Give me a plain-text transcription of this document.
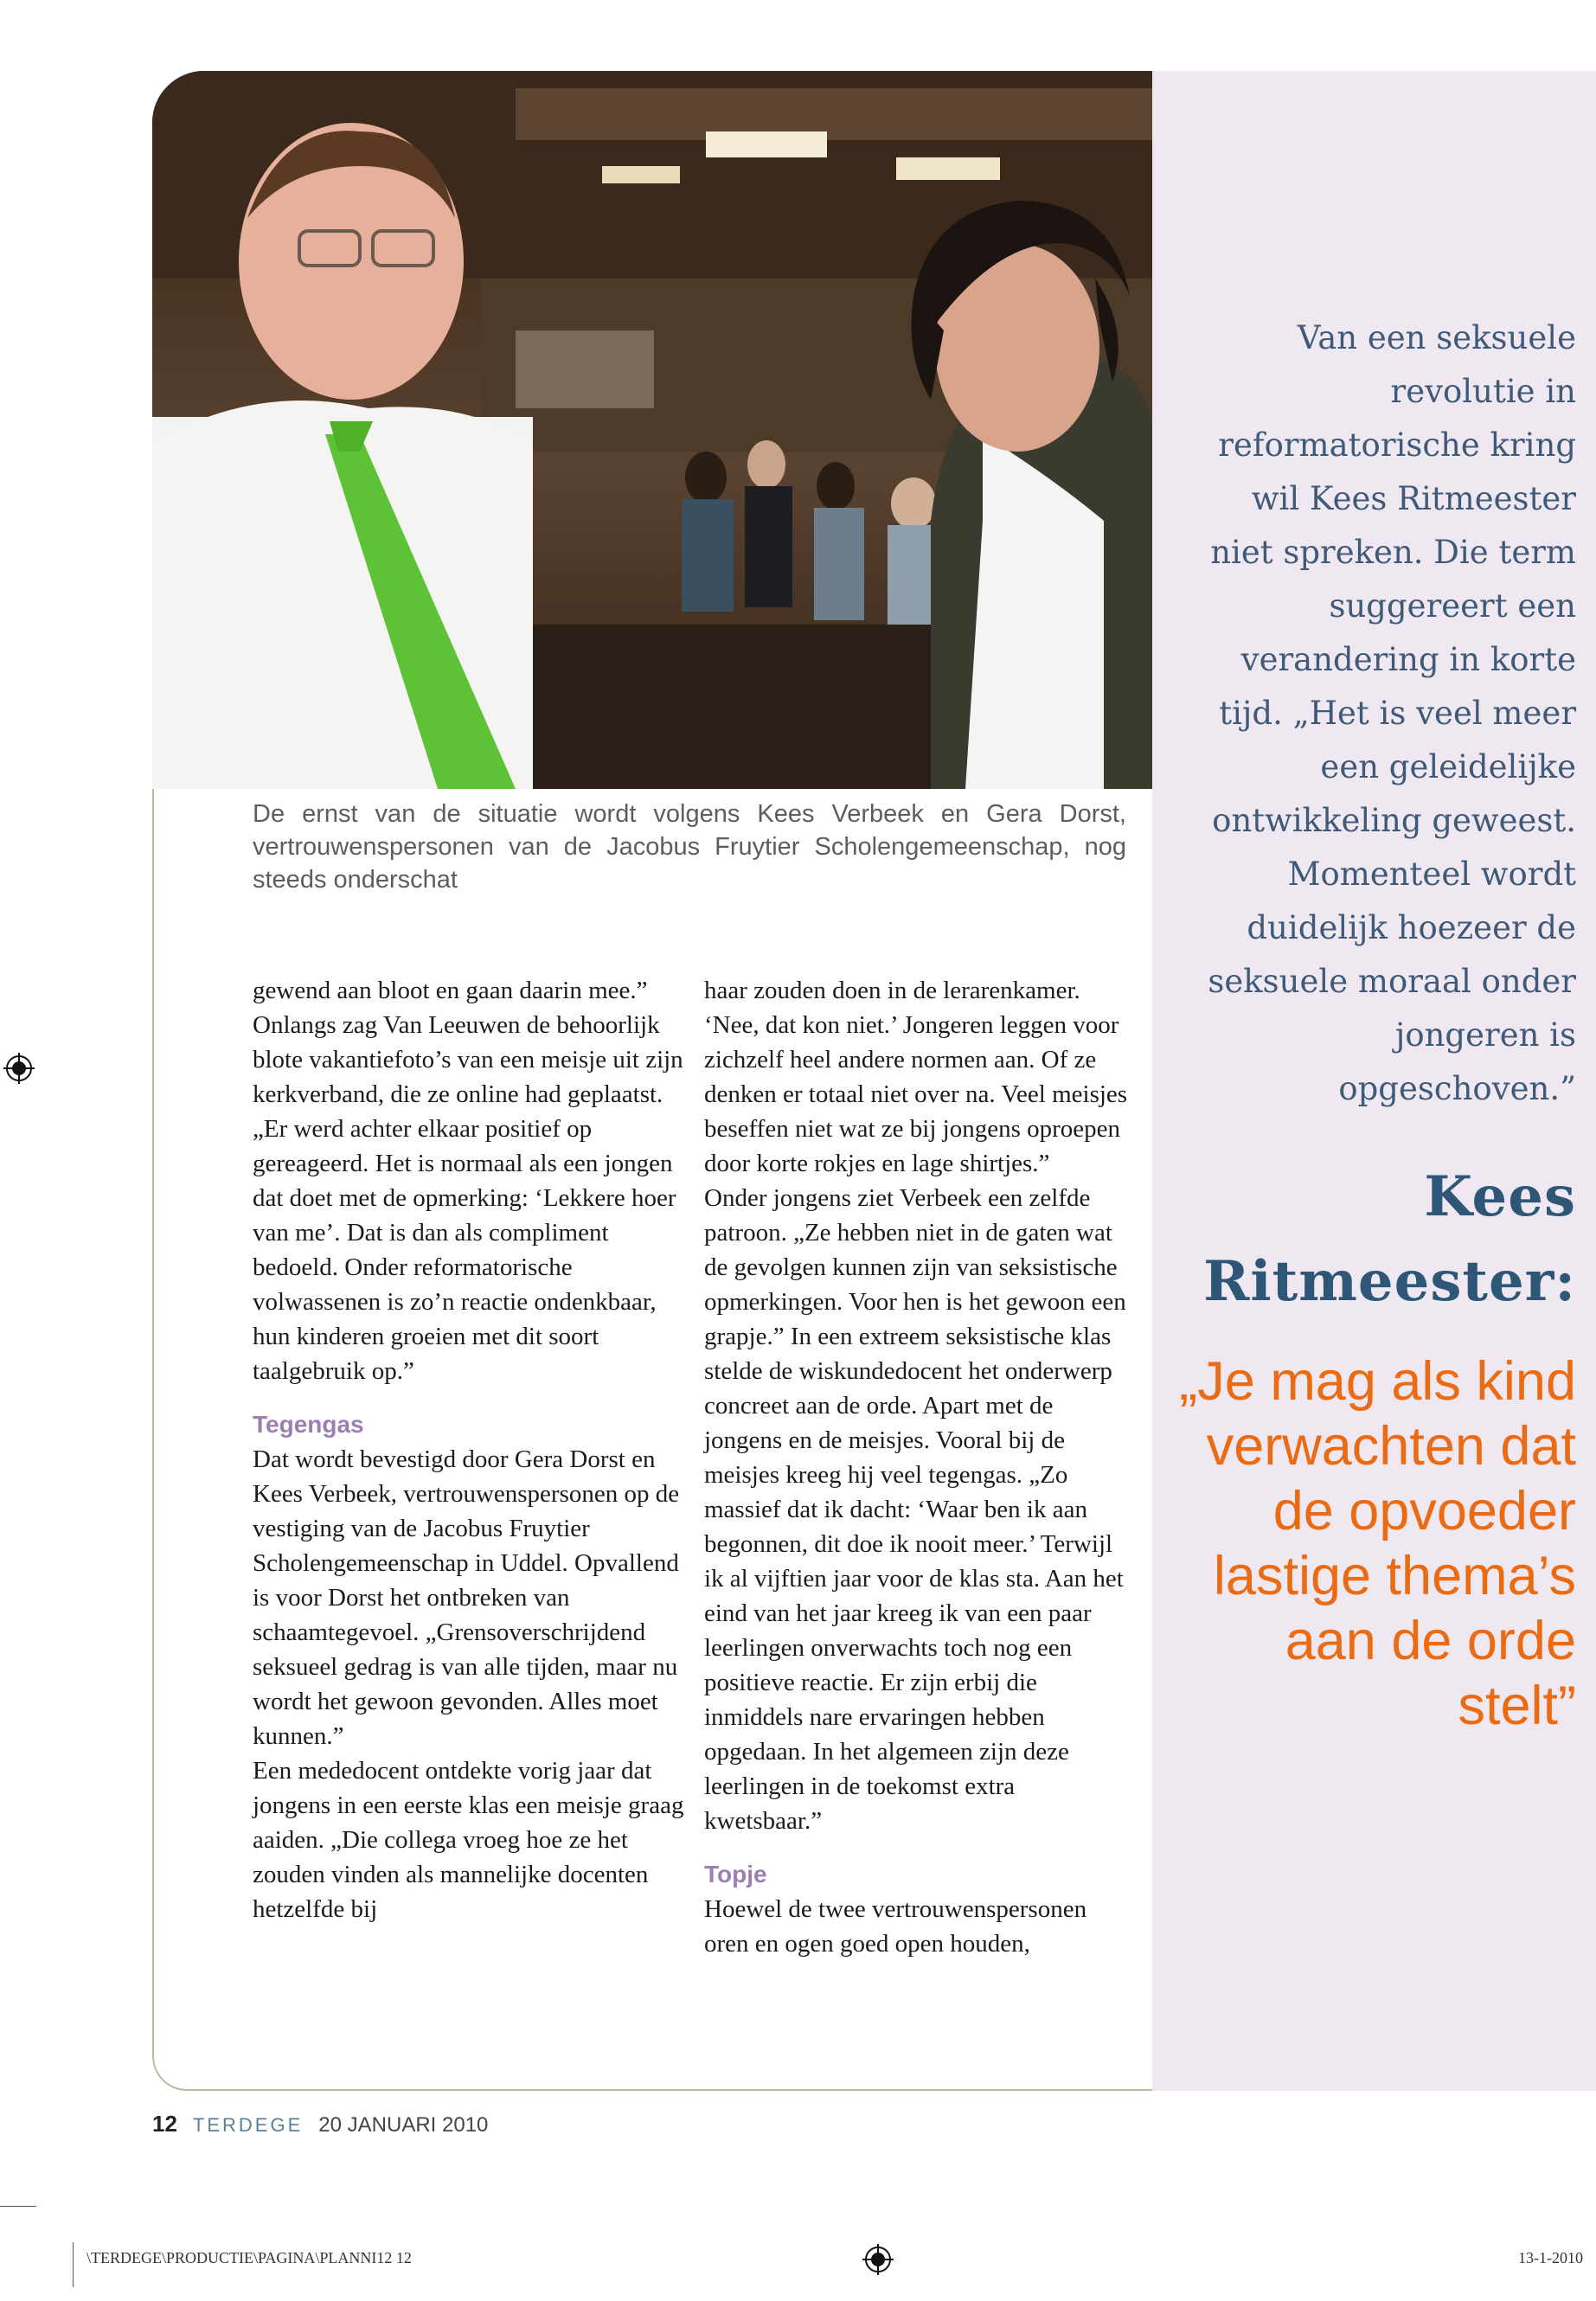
De ernst van de situatie wordt volgens Kees Verbeek en Gera Dorst, vertrouwenspersonen van de Jacobus Fruytier Scholengemeenschap, nog steeds onderschat

gewend aan bloot en gaan daarin mee.”

Onlangs zag Van Leeuwen de behoorlijk blote vakantiefoto’s van een meisje uit zijn kerkverband, die ze online had geplaatst. „Er werd achter elkaar positief op gereageerd. Het is normaal als een jongen dat doet met de opmerking: ‘Lekkere hoer van me’. Dat is dan als compliment bedoeld. Onder reformatorische volwassenen is zo’n reactie ondenkbaar, hun kinderen groeien met dit soort taalgebruik op.”

Tegengas

Dat wordt bevestigd door Gera Dorst en Kees Verbeek, vertrouwenspersonen op de vestiging van de Jacobus Fruytier Scholengemeenschap in Uddel. Opvallend is voor Dorst het ontbreken van schaamtegevoel. „Grensoverschrijdend seksueel gedrag is van alle tijden, maar nu wordt het gewoon gevonden. Alles moet kunnen.”

Een mededocent ontdekte vorig jaar dat jongens in een eerste klas een meisje graag aaiden. „Die collega vroeg hoe ze het zouden vinden als mannelijke docenten hetzelfde bij

haar zouden doen in de lerarenkamer. ‘Nee, dat kon niet.’ Jongeren leggen voor zichzelf heel andere normen aan. Of ze denken er totaal niet over na. Veel meisjes beseffen niet wat ze bij jongens oproepen door korte rokjes en lage shirtjes.”

Onder jongens ziet Verbeek een zelfde patroon. „Ze hebben niet in de gaten wat de gevolgen kunnen zijn van seksistische opmerkingen. Voor hen is het gewoon een grapje.” In een extreem seksistische klas stelde de wiskundedocent het onderwerp concreet aan de orde. Apart met de jongens en de meisjes. Vooral bij de meisjes kreeg hij veel tegengas. „Zo massief dat ik dacht: ‘Waar ben ik aan begonnen, dit doe ik nooit meer.’ Terwijl ik al vijftien jaar voor de klas sta. Aan het eind van het jaar kreeg ik van een paar leerlingen onverwachts toch nog een positieve reactie. Er zijn erbij die inmiddels nare ervaringen hebben opgedaan. In het algemeen zijn deze leerlingen in de toekomst extra kwetsbaar.”

Topje

Hoewel de twee vertrouwenspersonen oren en ogen goed open houden,

Van een seksuele revolutie in reformatorische kring wil Kees Ritmeester niet spreken. Die term suggereert een verandering in korte tijd. „Het is veel meer een geleidelijke ontwikkeling geweest. Momenteel wordt duidelijk hoezeer de seksuele moraal onder jongeren is opgeschoven.”

Kees
Ritmeester:

„Je mag als kind verwachten dat de opvoeder lastige thema’s aan de orde stelt”

12 TERDEGE 20 JANUARI 2010
\TERDEGE\PRODUCTIE\PAGINA\PLANNI12 12	13-1-2010
